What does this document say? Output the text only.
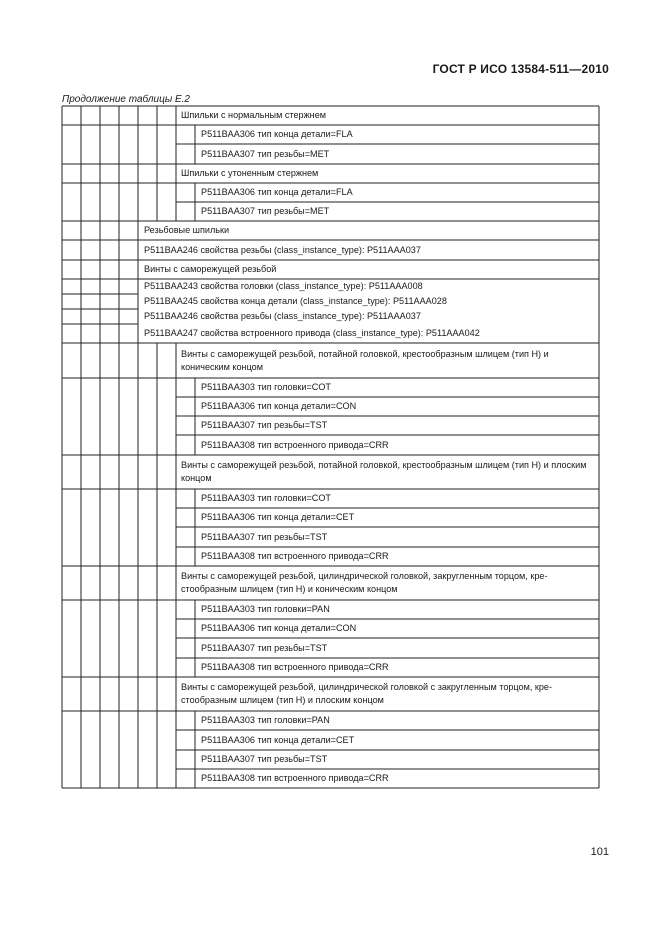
ГОСТ Р ИСО 13584-511—2010
Продолжение таблицы Е.2
Шпильки с нормальным стержнем
P511BAA306 тип конца детали=FLA
P511BAA307 тип резьбы=MET
Шпильки с утоненным стержнем
P511BAA306 тип конца детали=FLA
P511BAA307 тип резьбы=MET
Резьбовые шпильки
P511BAA246 свойства резьбы (class_instance_type): P511AAA037
Винты с саморежущей резьбой
P511BAA243 свойства головки (class_instance_type): P511AAA008
P511BAA245 свойства конца детали (class_instance_type): P511AAA028
P511BAA246 свойства резьбы (class_instance_type): P511AAA037
P511BAA247 свойства встроенного привода (class_instance_type): P511AAA042
Винты с саморежущей резьбой, потайной головкой, крестообразным шлицем (тип H) и коническим концом
P511BAA303 тип головки=COT
P511BAA306 тип конца детали=CON
P511BAA307 тип резьбы=TST
P511BAA308 тип встроенного привода=CRR
Винты с саморежущей резьбой, потайной головкой, крестообразным шлицем (тип H) и плоским концом
P511BAA303 тип головки=COT
P511BAA306 тип конца детали=CET
P511BAA307 тип резьбы=TST
P511BAA308 тип встроенного привода=CRR
Винты с саморежущей резьбой, цилиндрической головкой, закругленным торцом, крестообразным шлицем (тип H) и коническим концом
P511BAA303 тип головки=PAN
P511BAA306 тип конца детали=CON
P511BAA307 тип резьбы=TST
P511BAA308 тип встроенного привода=CRR
Винты с саморежущей резьбой, цилиндрической головкой с закругленным торцом, крестообразным шлицем (тип H) и плоским концом
P511BAA303 тип головки=PAN
P511BAA306 тип конца детали=CET
P511BAA307 тип резьбы=TST
P511BAA308 тип встроенного привода=CRR
101
